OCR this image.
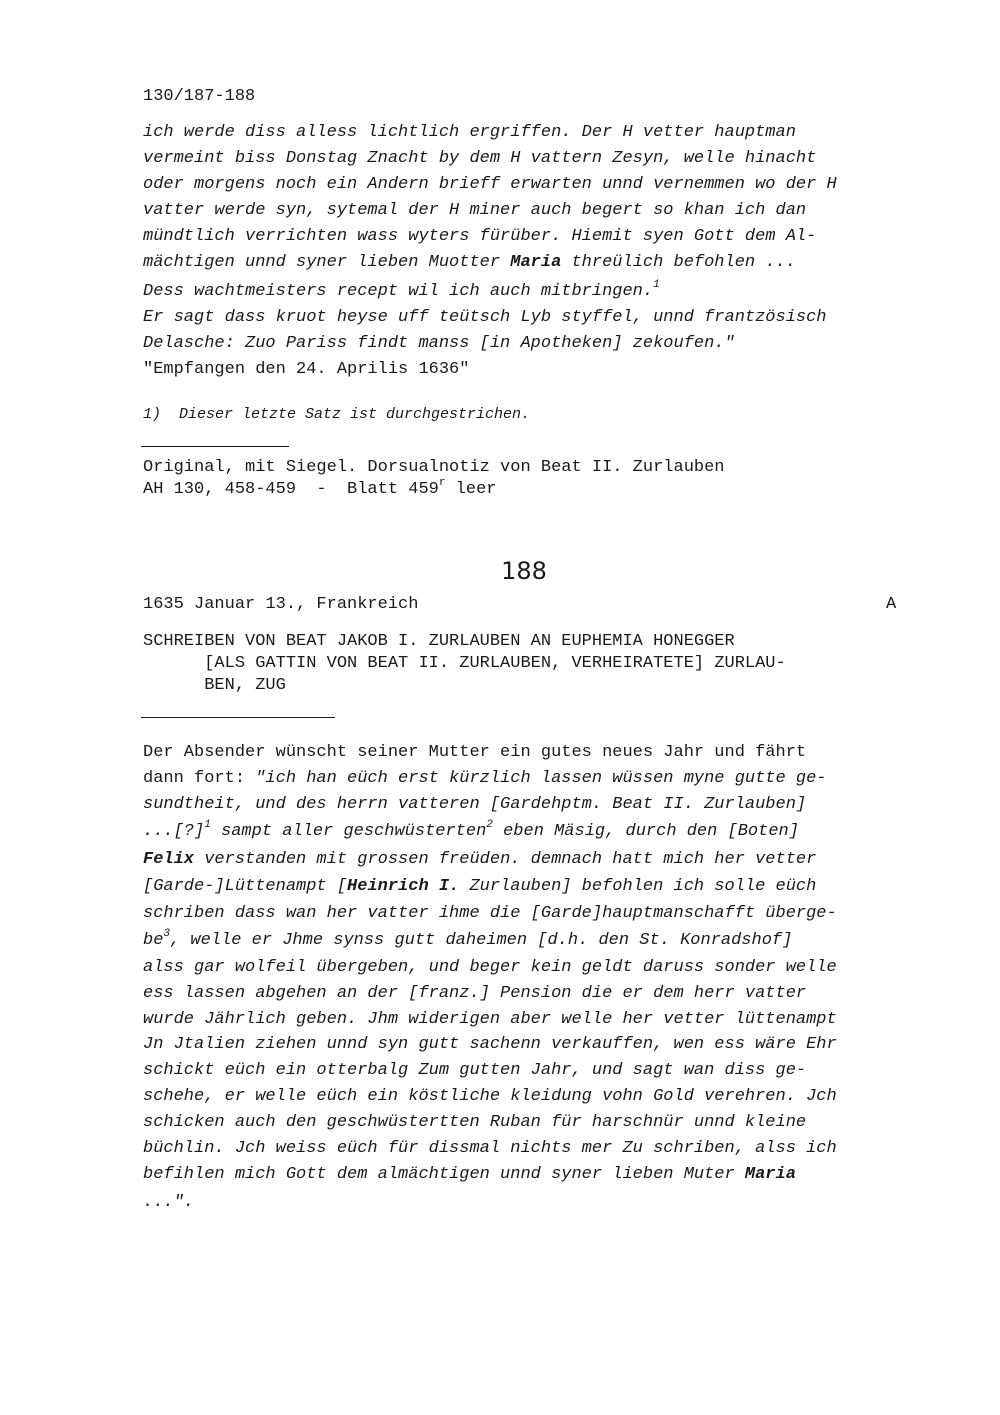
130/187-188
ich werde diss alless lichtlich ergriffen. Der H vetter hauptman
vermeint biss Donstag Znacht by dem H vattern Zesyn, welle hinacht
oder morgens noch ein Andern brieff erwarten unnd vernemmen wo der H
vatter werde syn, sytemal der H miner auch begert so khan ich dan
mündtlich verrichten wass wyters fürüber. Hiemit syen Gott dem Al-
mächtigen unnd syner lieben Muotter Maria threülich befohlen ...
Dess wachtmeisters recept wil ich auch mitbringen.$^1$
Er sagt dass kruot heyse uff teütsch Lyb styffel, unnd frantzösisch
Delasche: Zuo Pariss findt manss [in Apotheken] zekoufen."
"Empfangen den 24. Aprilis 1636"
1)  Dieser letzte Satz ist durchgestrichen.
Original, mit Siegel. Dorsualnotiz von Beat II. Zurlauben
AH 130, 458-459  -  Blatt 459$^r$ leer
188
1635 Januar 13., Frankreich	A
SCHREIBEN VON BEAT JAKOB I. ZURLAUBEN AN EUPHEMIA HONEGGER
[ALS GATTIN VON BEAT II. ZURLAUBEN, VERHEIRATETE] ZURLAU-
BEN, ZUG
Der Absender wünscht seiner Mutter ein gutes neues Jahr und fährt
dann fort: "ich han eüch erst kürzlich lassen wüssen myne gutte ge-
sundtheit, und des herrn vatteren [Gardehptm. Beat II. Zurlauben]
...[?]$^1$ sampt aller geschwüsterten$^2$ eben Mäsig, durch den [Boten]
Felix verstanden mit grossen freüden. demnach hatt mich her vetter
[Garde-]Lüttenampt [Heinrich I. Zurlauben] befohlen ich solle eüch
schriben dass wan her vatter ihme die [Garde]hauptmanschafft überge-
$be^3$, welle er Jhme synss gutt daheimen [d.h. den St. Konradshof]
alss gar wolfeil übergeben, und beger kein geldt daruss sonder welle
ess lassen abgehen an der [franz.] Pension die er dem herr vatter
wurde Jährlich geben. Jhm widerigen aber welle her vetter lüttenampt
Jn Jtalien ziehen unnd syn gutt sachenn verkauffen, wen ess wäre Ehr
schickt eüch ein otterbalg Zum gutten Jahr, und sagt wan diss ge-
schehe, er welle eüch ein köstliche kleidung vohn Gold verehren. Jch
schicken auch den geschwüstertten Ruban für harschnür unnd kleine
büchlin. Jch weiss eüch für dissmal nichts mer Zu schriben, alss ich
befihlen mich Gott dem almächtigen unnd syner lieben Muter Maria
...".
